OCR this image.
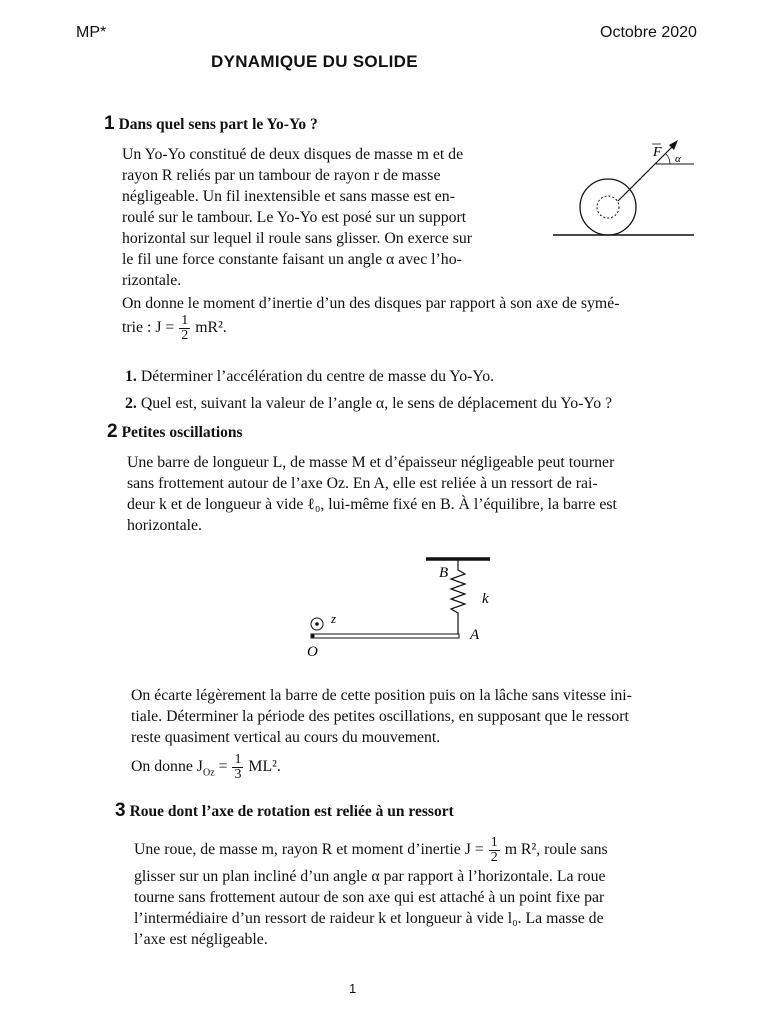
MP*	Octobre 2020
DYNAMIQUE DU SOLIDE
1 Dans quel sens part le Yo-Yo ?

Un Yo-Yo constitué de deux disques de masse m et de

rayon R reliés par un tambour de rayon r de masse

négligeable. Un fil inextensible et sans masse est en-

roulé sur le tambour. Le Yo-Yo est posé sur un support

horizontal sur lequel il roule sans glisser. On exerce sur

le fil une force constante faisant un angle α avec l’ho-

rizontale.

F α
On donne le moment d’inertie d’un des disques par rapport à son axe de symé-
trie : $J = \frac{1}{2} mR^2$.
1. Déterminer l’accélération du centre de masse du Yo-Yo.
2. Quel est, suivant la valeur de l’angle α, le sens de déplacement du Yo-Yo ?
2 Petites oscillations

Une barre de longueur L, de masse M et d’épaisseur négligeable peut tourner

sans frottement autour de l’axe Oz. En A, elle est reliée à un ressort de rai-

deur k et de longueur à vide ℓ₀, lui-même fixé en B. À l’équilibre, la barre est

horizontale.

B
k
z
A
O

On écarte légèrement la barre de cette position puis on la lâche sans vitesse ini-

tiale. Déterminer la période des petites oscillations, en supposant que le ressort

reste quasiment vertical au cours du mouvement.

On donne $J_{Oz} = \frac{1}{3} ML^2$.
3 Roue dont l’axe de rotation est reliée à un ressort
Une roue, de masse m, rayon R et moment d’inertie $J = \frac{1}{2}$ m R², roule sans

glisser sur un plan incliné d’un angle α par rapport à l’horizontale. La roue

tourne sans frottement autour de son axe qui est attaché à un point fixe par

l’intermédiaire d’un ressort de raideur k et longueur à vide l₀. La masse de

l’axe est négligeable.

1
